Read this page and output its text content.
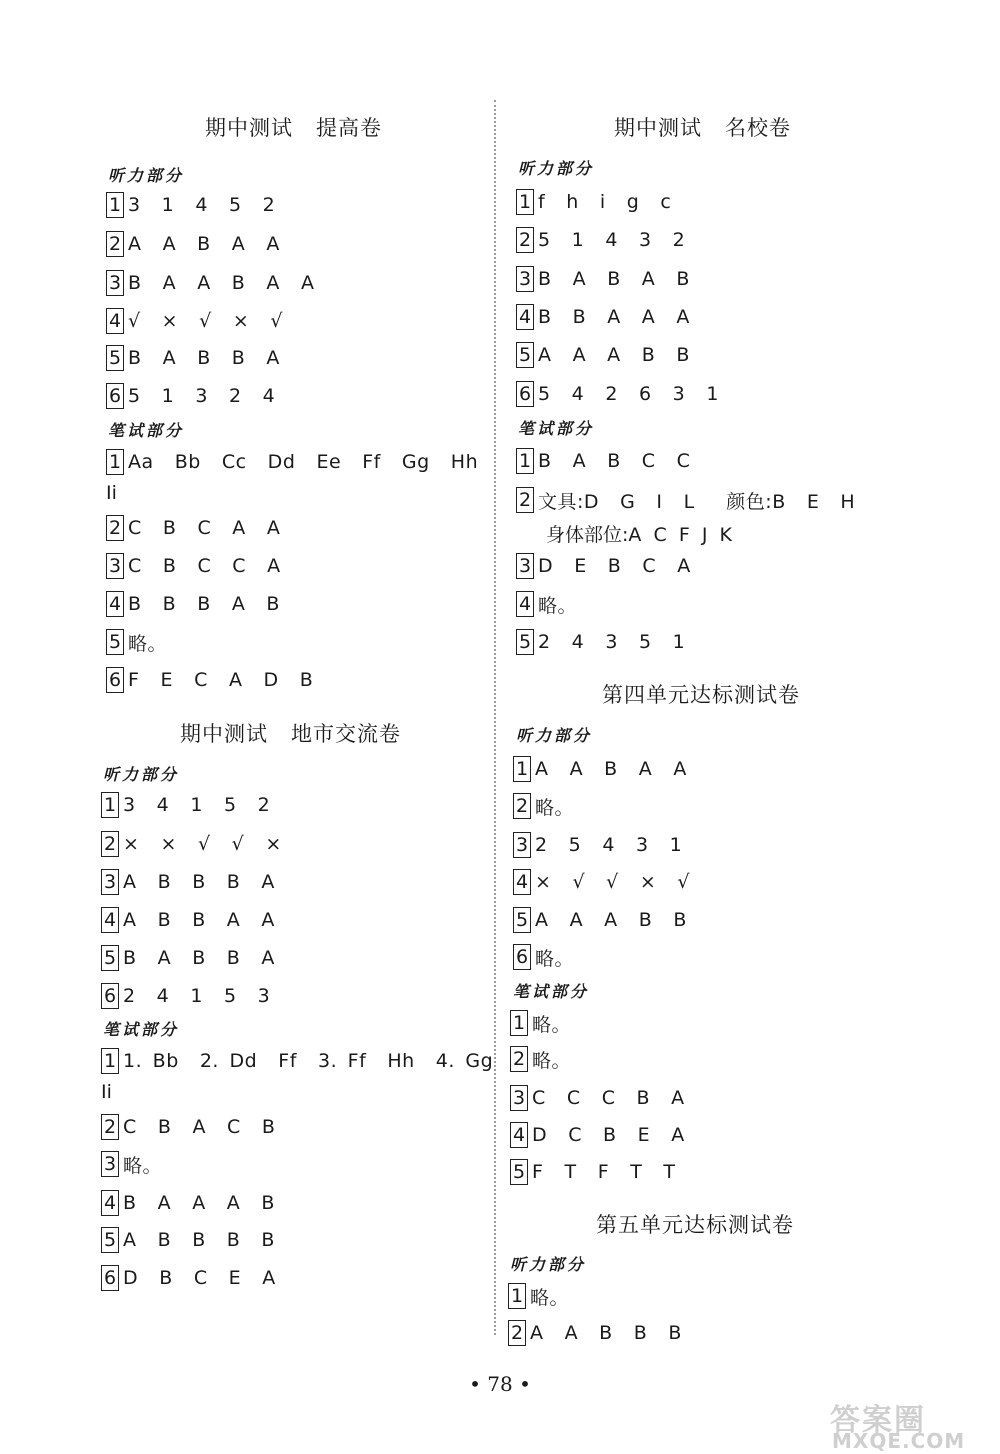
期中测试   提高卷
听力部分
1 3  1  4  5  2
2 A  A  B  A  A
3 B  A  A  B  A  A
4 √  ×  √  ×  √
5 B  A  B  B  A
6 5  1  3  2  4
笔试部分
1 Aa  Bb  Cc  Dd  Ee  Ff  Gg  Hh
Ii
2 C  B  C  A  A
3 C  B  C  C  A
4 B  B  B  A  B
5 略。
6 F  E  C  A  D  B
期中测试   地市交流卷
听力部分
1 3  4  1  5  2
2 ×  ×  √  √  ×
3 A  B  B  B  A
4 A  B  B  A  A
5 B  A  B  B  A
6 2  4  1  5  3
笔试部分
1 1. Bb  2. Dd  Ff  3. Ff  Hh  4. Gg
Ii
2 C  B  A  C  B
3 略。
4 B  A  A  A  B
5 A  B  B  B  B
6 D  B  C  E  A
期中测试   名校卷
听力部分
1 f  h  i  g  c
2 5  1  4  3  2
3 B  A  B  A  B
4 B  B  A  A  A
5 A  A  A  B  B
6 5  4  2  6  3  1
笔试部分
1 B  A  B  C  C
2 文具:D  G  I  L   颜色:B  E  H
身体部位:A  C  F  J  K
3 D  E  B  C  A
4 略。
5 2  4  3  5  1
第四单元达标测试卷
听力部分
1 A  A  B  A  A
2 略。
3 2  5  4  3  1
4 ×  √  √  ×  √
5 A  A  A  B  B
6 略。
笔试部分
1 略。
2 略。
3 C  C  C  B  A
4 D  C  B  E  A
5 F  T  F  T  T
第五单元达标测试卷
听力部分
1 略。
2 A  A  B  B  B
• 78 •
答案圈
MXQE.COM
